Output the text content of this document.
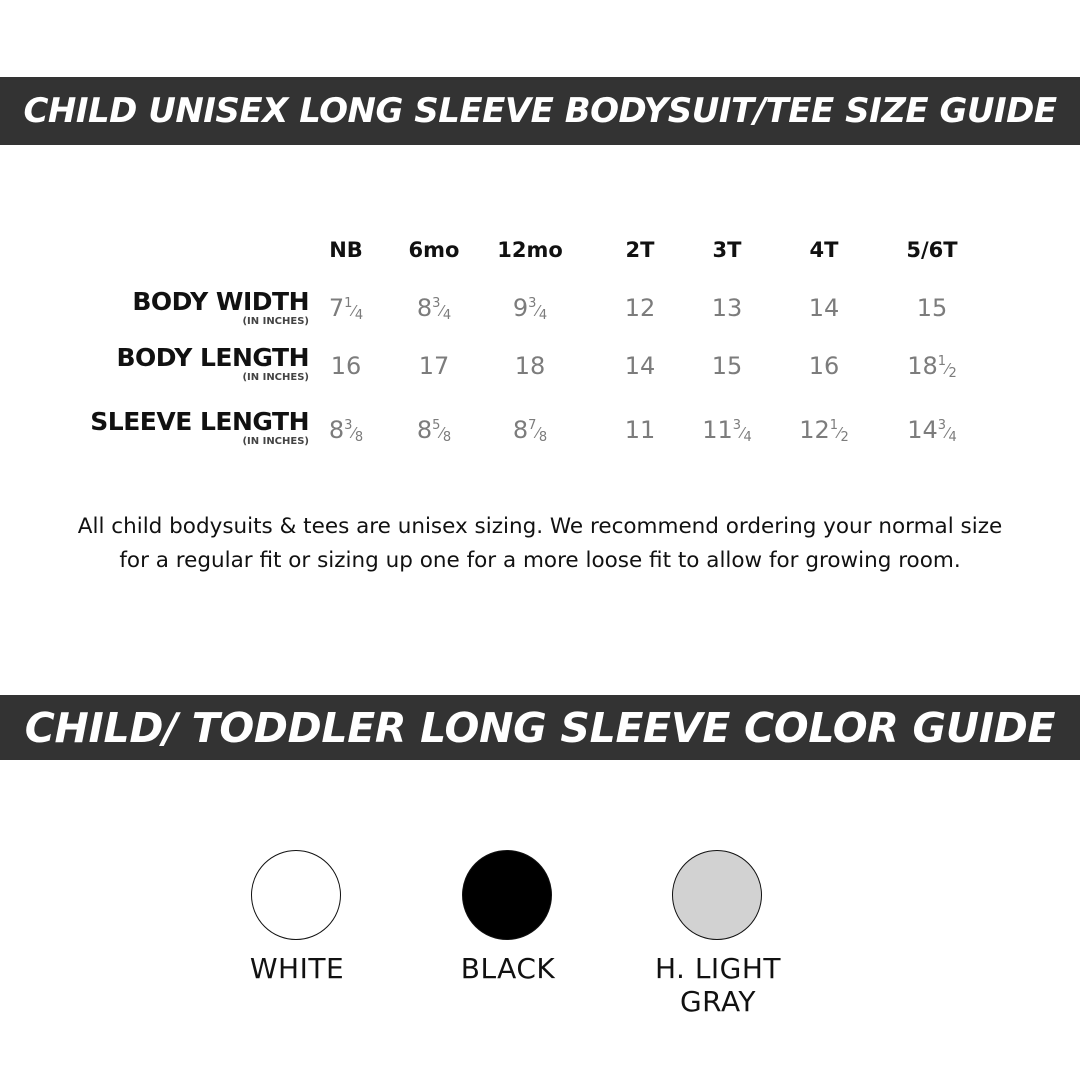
CHILD UNISEX LONG SLEEVE BODYSUIT/TEE SIZE GUIDE
NB	6mo	12mo	2T	3T	4T	5/6T
BODY WIDTH
(IN INCHES) $7^1⁄_4$	$8^3⁄_4$	$9^3⁄_4$	12	13	14	15
BODY LENGTH
(IN INCHES) 16	17	18	14	15	16	$18^1⁄_2$
SLEEVE LENGTH
(IN INCHES) $8^3⁄_8$	$8^5⁄_8$	$8^7⁄_8$	11	$11^3⁄_4$	$12^1⁄_2$	$14^3⁄_4$
All child bodysuits & tees are unisex sizing. We recommend ordering your normal size for a regular fit or sizing up one for a more loose fit to allow for growing room.
CHILD/ TODDLER LONG SLEEVE COLOR GUIDE
WHITE	BLACK	H. LIGHT
GRAY
